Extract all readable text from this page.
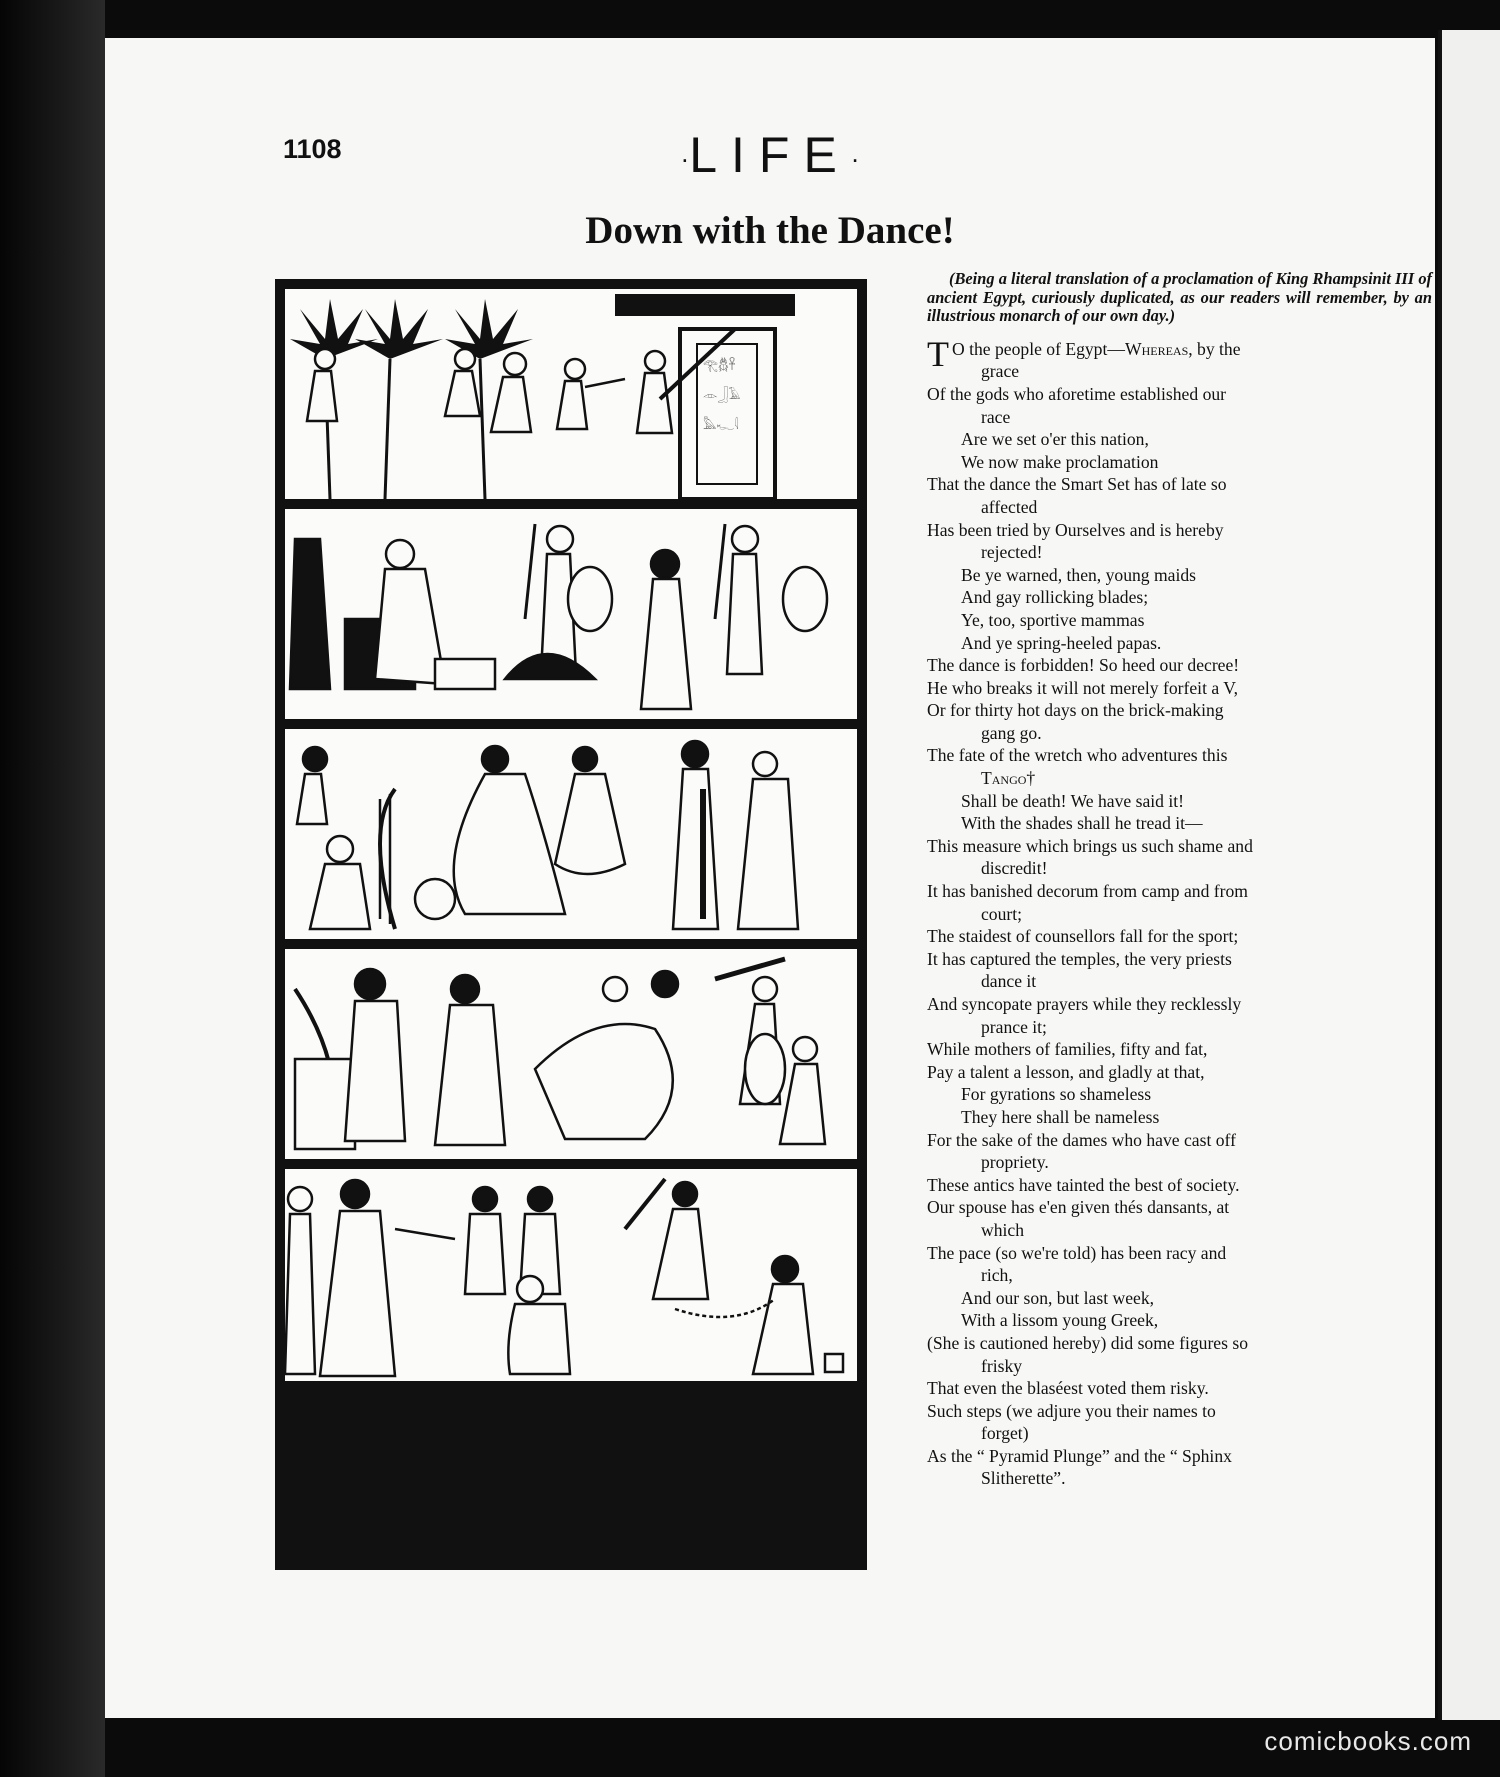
1108	·LIFE·
Down with the Dance!
𓂀𓆣𓋹
𓁹𓃀𓄿
𓅓𓆑𓇋

(Being a literal translation of a proclamation of King Rhampsinit III of ancient Egypt, curiously duplicated, as our readers will remember, by an illustrious monarch of our own day.)

T O the people of Egypt—Whereas, by the
grace
Of the gods who aforetime established our
race
Are we set o'er this nation,
We now make proclamation
That the dance the Smart Set has of late so
affected
Has been tried by Ourselves and is hereby
rejected!
Be ye warned, then, young maids
And gay rollicking blades;
Ye, too, sportive mammas
And ye spring-heeled papas.
The dance is forbidden! So heed our decree!
He who breaks it will not merely forfeit a V,
Or for thirty hot days on the brick-making
gang go.
The fate of the wretch who adventures this
Tango†
Shall be death! We have said it!
With the shades shall he tread it—
This measure which brings us such shame and
discredit!
It has banished decorum from camp and from
court;
The staidest of counsellors fall for the sport;
It has captured the temples, the very priests
dance it
And syncopate prayers while they recklessly
prance it;
While mothers of families, fifty and fat,
Pay a talent a lesson, and gladly at that,
For gyrations so shameless
They here shall be nameless
For the sake of the dames who have cast off
propriety.
These antics have tainted the best of society.
Our spouse has e'en given thés dansants, at
which
The pace (so we're told) has been racy and
rich,
And our son, but last week,
With a lissom young Greek,
(She is cautioned hereby) did some figures so
frisky
That even the blaséest voted them risky.
Such steps (we adjure you their names to
forget)
As the “ Pyramid Plunge” and the “ Sphinx
Slitherette”.
comicbooks.com
